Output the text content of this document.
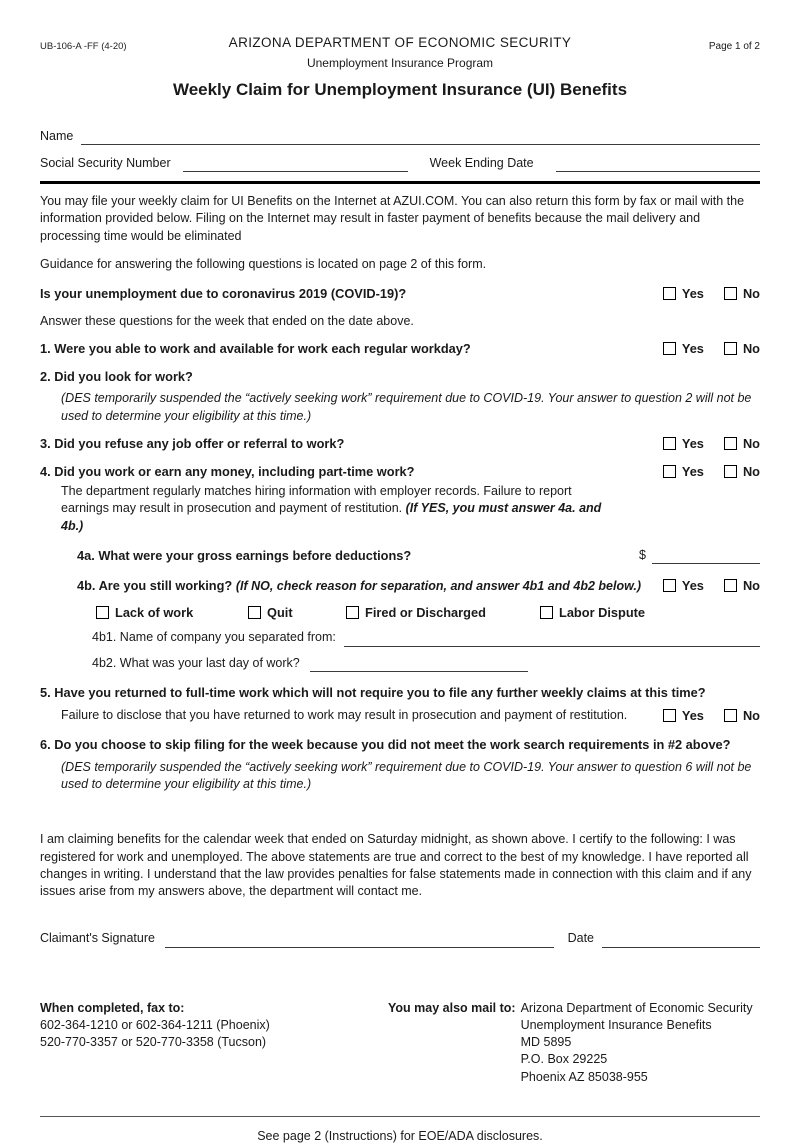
UB-106-A -FF (4-20)	ARIZONA DEPARTMENT OF ECONOMIC SECURITY
Unemployment Insurance Program
Page 1 of 2
Weekly Claim for Unemployment Insurance (UI) Benefits
Name
Social Security Number	Week Ending Date
You may file your weekly claim for UI Benefits on the Internet at AZUI.COM. You can also return this form by fax or mail with the information provided below. Filing on the Internet may result in faster payment of benefits because the mail delivery and processing time would be eliminated
Guidance for answering the following questions is located on page 2 of this form.
Is your unemployment due to coronavirus 2019 (COVID-19)?	Yes	No
Answer these questions for the week that ended on the date above.
1. Were you able to work and available for work each regular workday?	Yes	No
2. Did you look for work?
(DES temporarily suspended the “actively seeking work” requirement due to COVID-19. Your answer to question 2 will not be used to determine your eligibility at this time.)
3. Did you refuse any job offer or referral to work?	Yes	No
4. Did you work or earn any money, including part-time work?	Yes	No
The department regularly matches hiring information with employer records. Failure to report earnings may result in prosecution and payment of restitution. (If YES, you must answer 4a. and 4b.)
4a. What were your gross earnings before deductions?	$
4b. Are you still working? (If NO, check reason for separation, and answer 4b1 and 4b2 below.)	Yes	No
Lack of work	Quit	Fired or Discharged	Labor Dispute
4b1. Name of company you separated from:
4b2. What was your last day of work?
5. Have you returned to full-time work which will not require you to file any further weekly claims at this time?
Failure to disclose that you have returned to work may result in prosecution and payment of restitution.	Yes	No
6. Do you choose to skip filing for the week because you did not meet the work search requirements in #2 above?
(DES temporarily suspended the “actively seeking work” requirement due to COVID-19. Your answer to question 6 will not be used to determine your eligibility at this time.)
I am claiming benefits for the calendar week that ended on Saturday midnight, as shown above. I certify to the following: I was registered for work and unemployed. The above statements are true and correct to the best of my knowledge. I have reported all changes in writing. I understand that the law provides penalties for false statements made in connection with this claim and if any issues arise from my answers above, the department will contact me.
Claimant's Signature	Date
When completed, fax to:
602-364-1210 or 602-364-1211 (Phoenix)
520-770-3357 or 520-770-3358 (Tucson)
You may also mail to: Arizona Department of Economic Security
Unemployment Insurance Benefits
MD 5895
P.O. Box 29225
Phoenix AZ 85038-955
See page 2 (Instructions) for EOE/ADA disclosures.
